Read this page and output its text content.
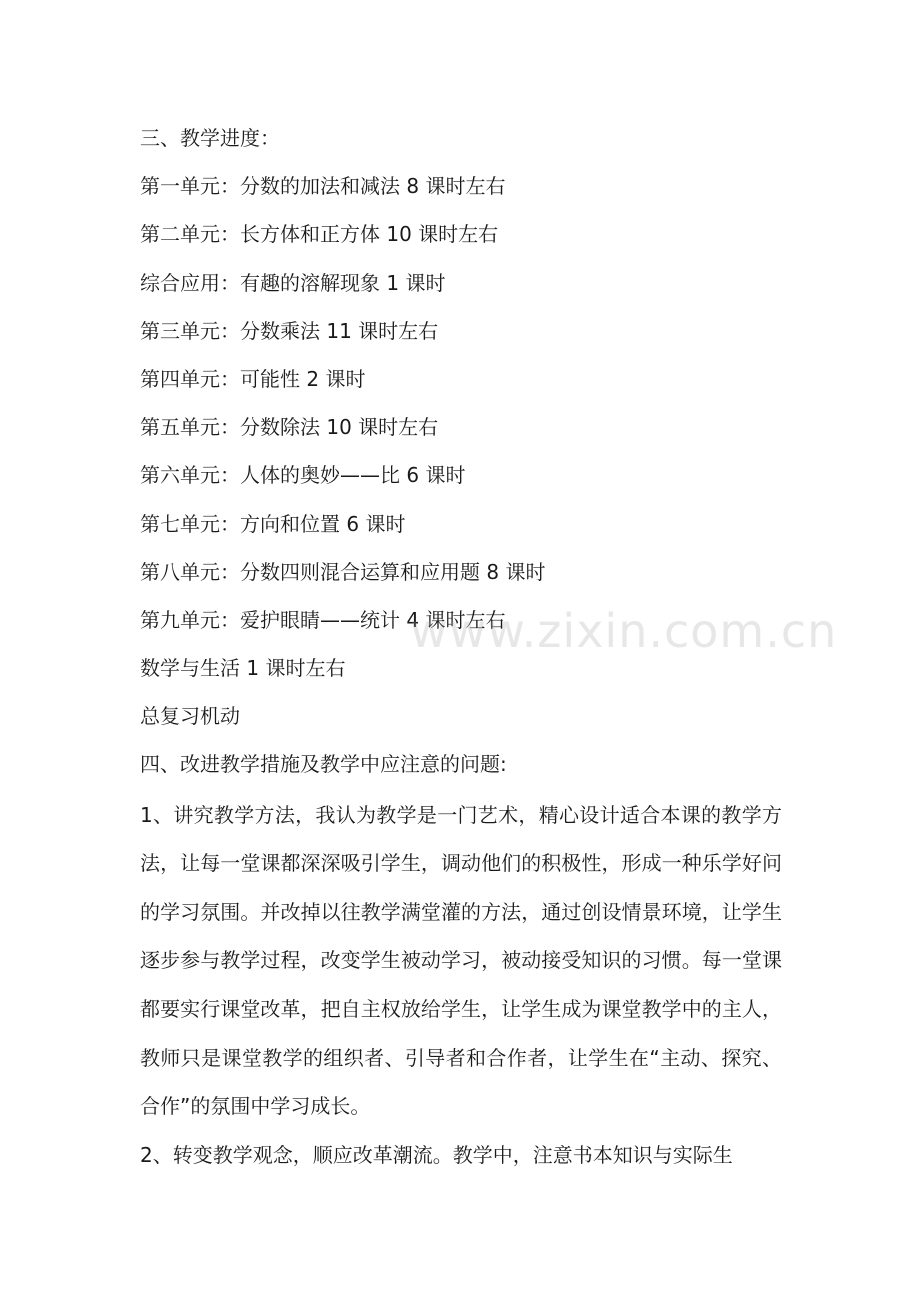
三、教学进度：

第一单元：分数的加法和减法 8 课时左右

第二单元：长方体和正方体 10 课时左右

综合应用：有趣的溶解现象 1 课时

第三单元：分数乘法 11 课时左右

第四单元：可能性 2 课时

第五单元：分数除法 10 课时左右

第六单元：人体的奥妙——比 6 课时

第七单元：方向和位置 6 课时

第八单元：分数四则混合运算和应用题 8 课时

第九单元：爱护眼睛——统计 4 课时左右

数学与生活 1 课时左右

总复习机动

四、改进教学措施及教学中应注意的问题:

1、讲究教学方法，我认为教学是一门艺术，精心设计适合本课的教学方法，让每一堂课都深深吸引学生，调动他们的积极性，形成一种乐学好问的学习氛围。并改掉以往教学满堂灌的方法，通过创设情景环境，让学生逐步参与教学过程，改变学生被动学习，被动接受知识的习惯。每一堂课都要实行课堂改革，把自主权放给学生，让学生成为课堂教学中的主人，教师只是课堂教学的组织者、引导者和合作者，让学生在“主动、探究、合作”的氛围中学习成长。

2、转变教学观念，顺应改革潮流。教学中，注意书本知识与实际生

www.zixin.com.cn
